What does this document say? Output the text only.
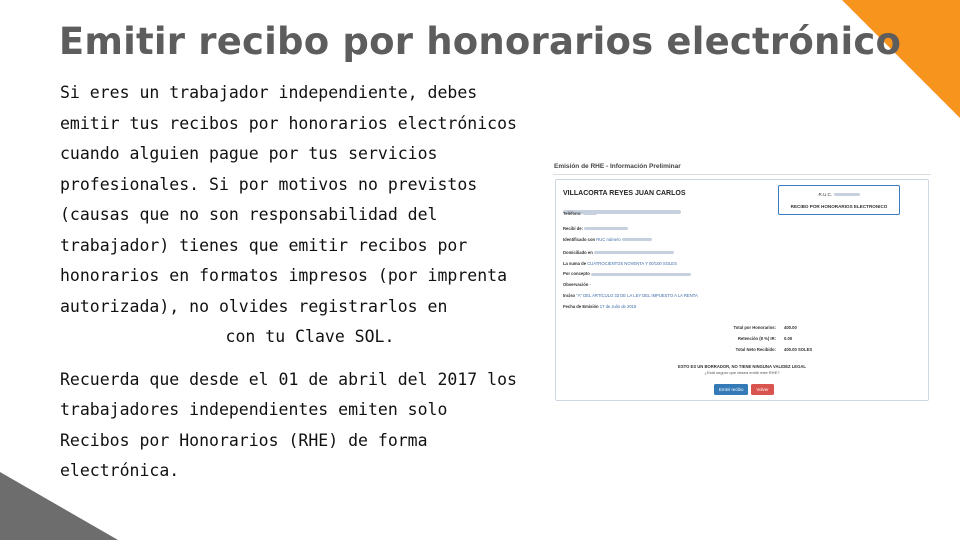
Emitir recibo por honorarios electrónico

Si eres un trabajador independiente, debes

emitir tus recibos por honorarios electrónicos

cuando alguien pague por tus servicios

profesionales. Si por motivos no previstos

(causas que no son responsabilidad del

trabajador) tienes que emitir recibos por

honorarios en formatos impresos (por imprenta

autorizada), no olvides registrarlos en

con tu Clave SOL.

Recuerda que desde el 01 de abril del 2017 los

trabajadores independientes emiten solo

Recibos por Honorarios (RHE) de forma

electrónica.

Emisión de RHE - Información Preliminar
VILLACORTA REYES JUAN CARLOS
Teléfono:
R.U.C.
RECIBO POR HONORARIOS ELECTRONICO
Recibí de:
Identificado con RUC número
Domiciliado en
La suma de CUATROCIENTOS NOVENTA Y 00/100 SOLES
Por concepto
Observación -
Inciso "A" DEL ARTÍCULO 33 DE LA LEY DEL IMPUESTO A LA RENTA
Fecha de Emisión 17 de Julio de 2018
Total por Honorarios: 400.00
Retención (8 %) IR: 0.00
Total Neto Recibido: 400.00 SOLES
ESTO ES UN BORRADOR, NO TIENE NINGUNA VALIDEZ LEGAL
¿Está seguro que desea emitir este RHE?
Emitir recibo	Volver
